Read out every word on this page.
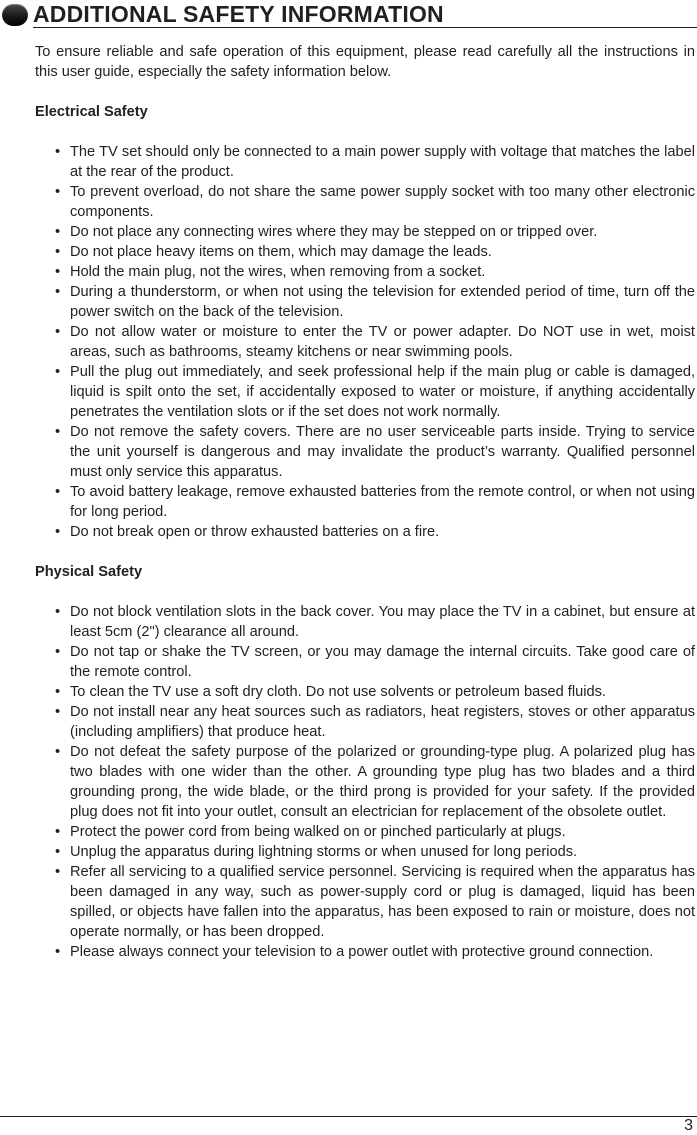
ADDITIONAL SAFETY INFORMATION

To ensure reliable and safe operation of this equipment, please read carefully all the instructions in this user guide, especially the safety information below.

Electrical Safety
• The TV set should only be connected to a main power supply with voltage that matches the label at the rear of the product.
• To prevent overload, do not share the same power supply socket with too many other electronic components.
• Do not place any connecting wires where they may be stepped on or tripped over.
• Do not place heavy items on them, which may damage the leads.
• Hold the main plug, not the wires, when removing from a socket.
• During a thunderstorm, or when not using the television for extended period of time, turn off the power switch on the back of the television.
• Do not allow water or moisture to enter the TV or power adapter. Do NOT use in wet, moist areas, such as bathrooms, steamy kitchens or near swimming pools.
• Pull the plug out immediately, and seek professional help if the main plug or cable is damaged, liquid is spilt onto the set, if accidentally exposed to water or moisture, if anything accidentally penetrates the ventilation slots or if the set does not work normally.
• Do not remove the safety covers. There are no user serviceable parts inside. Trying to service the unit yourself is dangerous and may invalidate the product’s warranty. Qualified personnel must only service this apparatus.
• To avoid battery leakage, remove exhausted batteries from the remote control, or when not using for long period.
• Do not break open or throw exhausted batteries on a fire.
Physical Safety
• Do not block ventilation slots in the back cover. You may place the TV in a cabinet, but ensure at least 5cm (2") clearance all around.
• Do not tap or shake the TV screen, or you may damage the internal circuits. Take good care of the remote control.
• To clean the TV use a soft dry cloth. Do not use solvents or petroleum based fluids.
• Do not install near any heat sources such as radiators, heat registers, stoves or other apparatus (including amplifiers) that produce heat.
• Do not defeat the safety purpose of the polarized or grounding-type plug. A polarized plug has two blades with one wider than the other. A grounding type plug has two blades and a third grounding prong, the wide blade, or the third prong is provided for your safety. If the provided plug does not fit into your outlet, consult an electrician for replacement of the obsolete outlet.
• Protect the power cord from being walked on or pinched particularly at plugs.
• Unplug the apparatus during lightning storms or when unused for long periods.
• Refer all servicing to a qualified service personnel. Servicing is required when the apparatus has been damaged in any way, such as power-supply cord or plug is damaged, liquid has been spilled, or objects have fallen into the apparatus, has been exposed to rain or moisture, does not operate normally, or has been dropped.
• Please always connect your television to a power outlet with protective ground connection.
3
